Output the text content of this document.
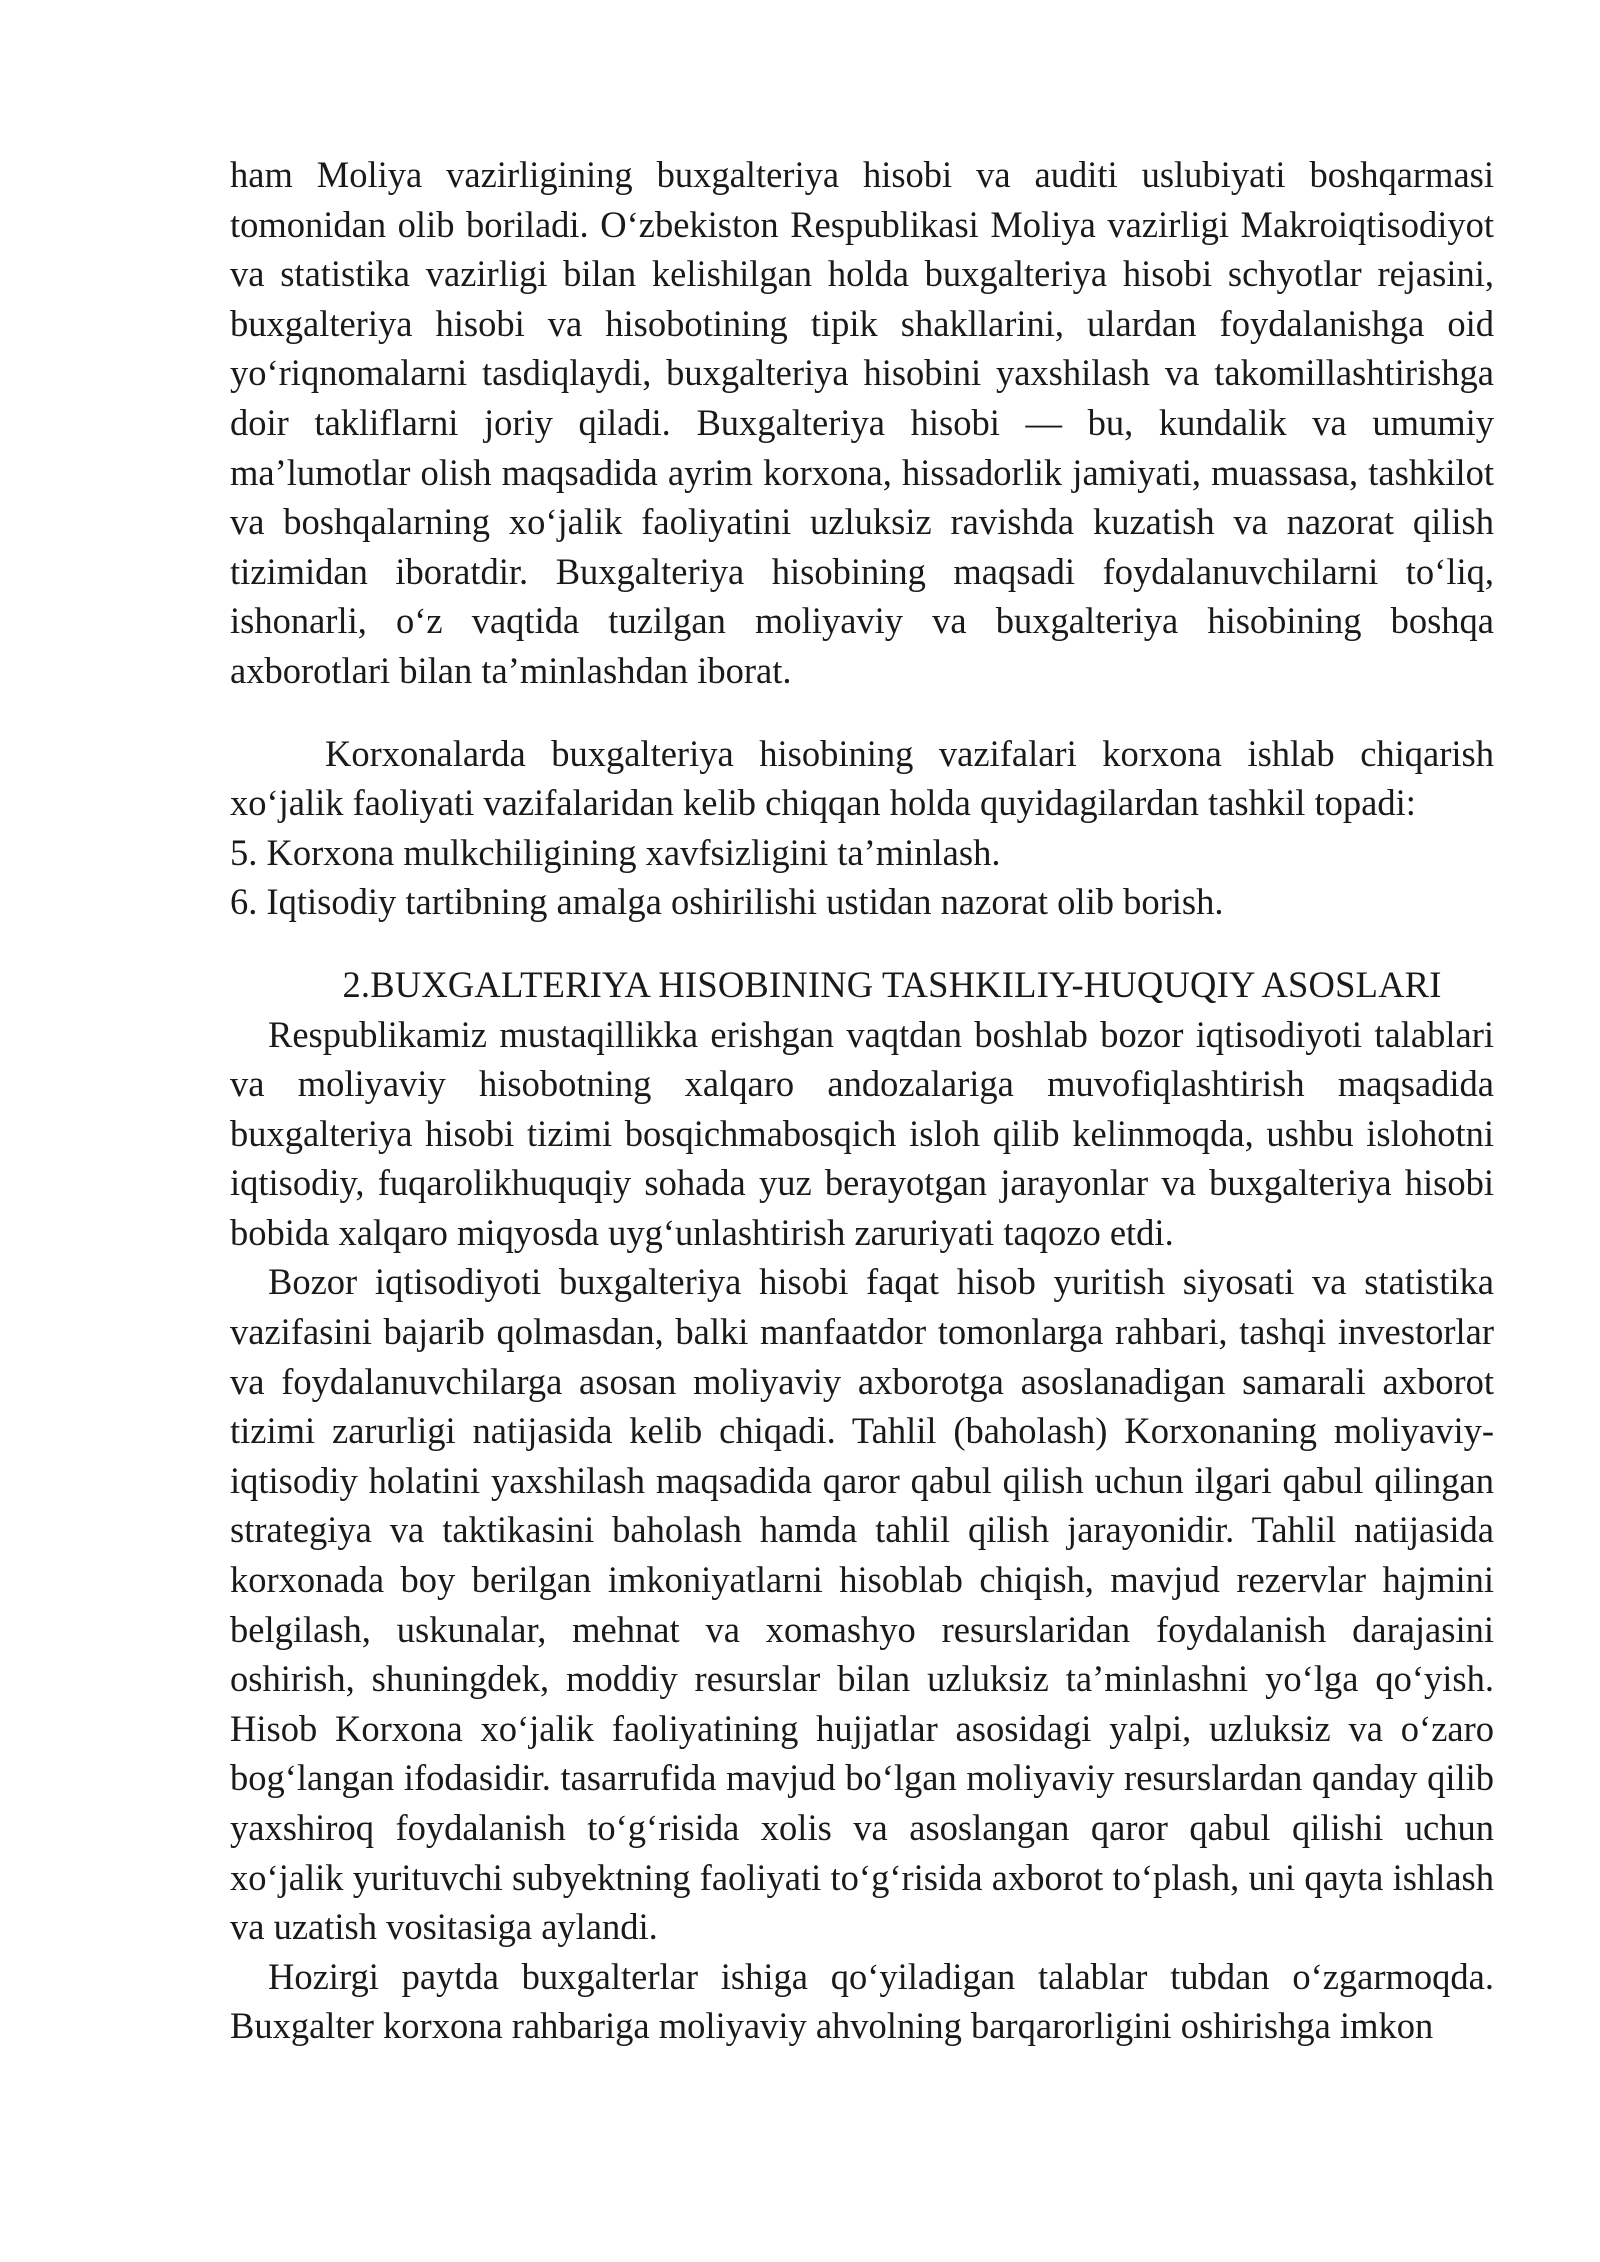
ham Moliya vazirligining buxgalteriya hisobi va auditi uslubiyati boshqarmasi tomonidan olib boriladi. O‘zbekiston Respublikasi Moliya vazirligi Makroiqtisodiyot va statistika vazirligi bilan kelishilgan holda buxgalteriya hisobi schyotlar rejasini, buxgalteriya hisobi va hisobotining tipik shakllarini, ulardan foydalanishga oid yo‘riqnomalarni tasdiqlaydi, buxgalteriya hisobini yaxshilash va takomillashtirishga doir takliflarni joriy qiladi. Buxgalteriya hisobi — bu, kundalik va umumiy ma’lumotlar olish maqsadida ayrim korxona, hissadorlik jamiyati, muassasa, tashkilot va boshqalarning xo‘jalik faoliyatini uzluksiz ravishda kuzatish va nazorat qilish tizimidan iboratdir. Buxgalteriya hisobining maqsadi foydalanuvchilarni to‘liq, ishonarli, o‘z vaqtida tuzilgan moliyaviy va buxgalteriya hisobining boshqa axborotlari bilan ta’minlashdan iborat.

Korxonalarda buxgalteriya hisobining vazifalari korxona ishlab chiqarish xo‘jalik faoliyati vazifalaridan kelib chiqqan holda quyidagilardan tashkil topadi:

5. Korxona mulkchiligining xavfsizligini ta’minlash.

6. Iqtisodiy tartibning amalga oshirilishi ustidan nazorat olib borish.

2.BUXGALTERIYA HISOBINING TASHKILIY-HUQUQIY ASOSLARI

Respublikamiz mustaqillikka erishgan vaqtdan boshlab bozor iqtisodiyoti talablari va moliyaviy hisobotning xalqaro andozalariga muvofiqlashtirish maqsadida buxgalteriya hisobi tizimi bosqichmabosqich isloh qilib kelinmoqda, ushbu islohotni iqtisodiy, fuqarolikhuquqiy sohada yuz berayotgan jarayonlar va buxgalteriya hisobi bobida xalqaro miqyosda uyg‘unlashtirish zaruriyati taqozo etdi.

Bozor iqtisodiyoti buxgalteriya hisobi faqat hisob yuritish siyosati va statistika vazifasini bajarib qolmasdan, balki manfaatdor tomonlarga rahbari, tashqi investorlar va foydalanuvchilarga asosan moliyaviy axborotga asoslanadigan samarali axborot tizimi zarurligi natijasida kelib chiqadi. Tahlil (baholash) Korxonaning moliyaviy-iqtisodiy holatini yaxshilash maqsadida qaror qabul qilish uchun ilgari qabul qilingan strategiya va taktikasini baholash hamda tahlil qilish jarayonidir. Tahlil natijasida korxonada boy berilgan imkoniyatlarni hisoblab chiqish, mavjud rezervlar hajmini belgilash, uskunalar, mehnat va xomashyo resurslaridan foydalanish darajasini oshirish, shuningdek, moddiy resurslar bilan uzluksiz ta’minlashni yo‘lga qo‘yish. Hisob Korxona xo‘jalik faoliyatining hujjatlar asosidagi yalpi, uzluksiz va o‘zaro bog‘langan ifodasidir. tasarrufida mavjud bo‘lgan moliyaviy resurslardan qanday qilib yaxshiroq foydalanish to‘g‘risida xolis va asoslangan qaror qabul qilishi uchun xo‘jalik yurituvchi subyektning faoliyati to‘g‘risida axborot to‘plash, uni qayta ishlash va uzatish vositasiga aylandi.

Hozirgi paytda buxgalterlar ishiga qo‘yiladigan talablar tubdan o‘zgarmoqda. Buxgalter korxona rahbariga moliyaviy ahvolning barqarorligini oshirishga imkon
